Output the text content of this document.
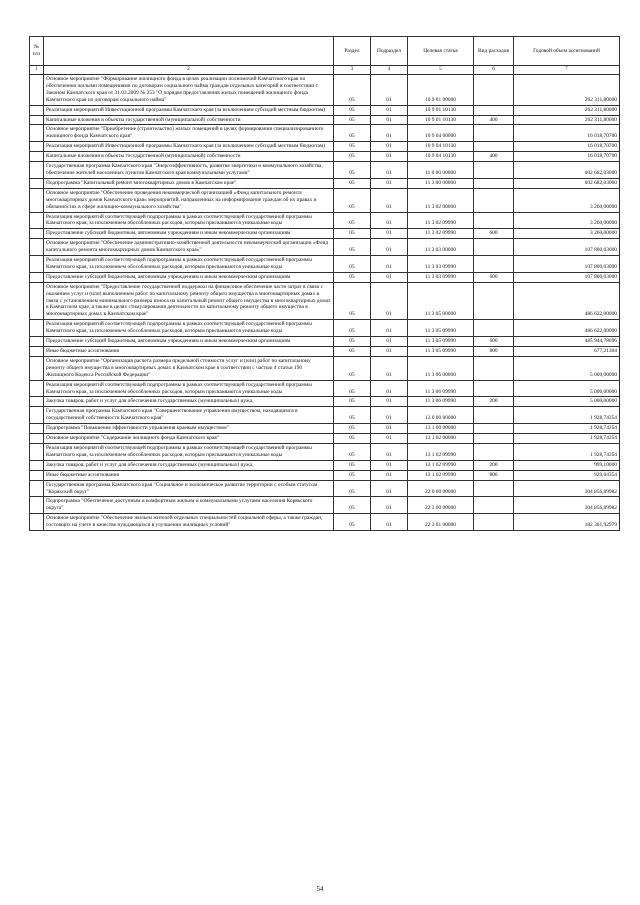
№ п/п		Раздел	Подраздел	Целевая статья	Вид расходов	Годовой объем ассигнований
1	2	3	4	5	6	7
	Основное мероприятие "Формирование жилищного фонда в целях реализации полномочий Камчатского края по обеспечению жилыми помещениями по договорам социального найма граждан отдельных категорий в соответствии с Законом Камчатского края от 31.03.2009 № 253 "О порядке предоставления жилых помещений жилищного фонда Камчатского края по договорам социального найма"	05	01	10 9 01 00000		262 311,80000
	Реализация мероприятий Инвестиционной программы Камчатского края (за исключением субсидий местным бюджетам)	05	01	10 9 01 10130		262 311,80000
	Капитальные вложения в объекты государственной (муниципальной) собственности	05	01	10 9 01 10130	400	262 311,80000
	Основное мероприятие "Приобретение (строительство) жилых помещений в целях формирования специализированного жилищного фонда Камчатского края"	05	01	10 9 04 00000		16 018,70700
	Реализация мероприятий Инвестиционной программы Камчатского края (за исключением субсидий местным бюджетам)	05	01	10 9 04 10130		16 018,70700
	Капитальные вложения в объекты государственной (муниципальной) собственности	05	01	10 9 04 10130	400	16 018,70700
	Государственная программа Камчатского края "Энергоэффективность, развитие энергетики и коммунального хозяйства, обеспечение жителей населенных пунктов Камчатского края коммунальными услугами"	05	01	11 0 00 00000		602 682,03000
	Подпрограмма "Капитальный ремонт многоквартирных домов в Камчатском крае"	05	01	11 3 00 00000		602 682,03000
	Основное мероприятие "Обеспечение проведения некоммерческой организацией «Фонд капитального ремонта многоквартирных домов Камчатского края» мероприятий, направленных на информирование граждан об их правах и обязанностях в сфере жилищно-коммунального хозяйства"	05	01	11 3 02 00000		3 260,00000
	Реализация мероприятий соответствующей подпрограммы в рамках соответствующей государственной программы Камчатского края, за исключением обособленных расходов, которым присваиваются уникальные коды	05	01	11 3 02 09990		3 260,00000
	Предоставление субсидий бюджетным, автономным учреждениям и иным некоммерческим организациям	05	01	11 3 02 09990	600	3 260,00000
	Основное мероприятие "Обеспечение административно-хозяйственной деятельности некоммерческой организации «Фонд капитального ремонта многоквартирных домов Камчатского края»"	05	01	11 3 03 00000		107 800,03000
	Реализация мероприятий соответствующей подпрограммы в рамках соответствующей государственной программы Камчатского края, за исключением обособленных расходов, которым присваиваются уникальные коды	05	01	11 3 03 09990		107 800,03000
	Предоставление субсидий бюджетным, автономным учреждениям и иным некоммерческим организациям	05	01	11 3 03 09990	600	107 800,03000
	Основное мероприятие "Предоставление государственной поддержки на финансовое обеспечение части затрат в связи с оказанием услуг и (или) выполнением работ по капитальному ремонту общего имущества в многоквартирных домах в связи с установлением минимального размера взноса на капитальный ремонт общего имущества в многоквартирных домах в Камчатском крае, а также в целях стимулирования деятельности по капитальному ремонту общего имущества в многоквартирных домах в Камчатском крае"	05	01	11 3 05 00000		486 622,00000
	Реализация мероприятий соответствующей подпрограммы в рамках соответствующей государственной программы Камчатского края, за исключением обособленных расходов, которым присваиваются уникальные коды	05	01	11 3 05 09990		486 622,00000
	Предоставление субсидий бюджетным, автономным учреждениям и иным некоммерческим организациям	05	01	11 3 05 09990	600	485 944,78696
	Иные бюджетные ассигнования	05	01	11 3 05 09990	800	677,21304
	Основное мероприятие "Организация расчета размера предельной стоимости услуг и (или) работ по капитальному ремонту общего имущества в многоквартирных домах в Камчатском крае в соответствии с частью 4 статьи 190 Жилищного Кодекса Российской Федерации"	05	01	11 3 06 00000		5 000,00000
	Реализация мероприятий соответствующей подпрограммы в рамках соответствующей государственной программы Камчатского края, за исключением обособленных расходов, которым присваиваются уникальные коды	05	01	11 3 06 09990		5 000,00000
	Закупка товаров, работ и услуг для обеспечения государственных (муниципальных) нужд	05	01	11 3 06 09990	200	5 000,00000
	Государственная программа Камчатского края "Совершенствование управления имуществом, находящимся в государственной собственности Камчатского края"	05	01	13 0 00 00000		1 928,74354
	Подпрограмма "Повышение эффективности управления краевым имуществом"	05	01	13 1 00 00000		1 928,74354
	Основное мероприятие "Содержание жилищного фонда Камчатского края"	05	01	13 1 02 00000		1 928,74354
	Реализация мероприятий соответствующей подпрограммы в рамках соответствующей государственной программы Камчатского края, за исключением обособленных расходов, которым присваиваются уникальные коды	05	01	13 1 02 09990		1 928,74354
	Закупка товаров, работ и услуг для обеспечения государственных (муниципальных) нужд	05	01	13 1 02 09990	200	999,10000
	Иные бюджетные ассигнования	05	01	13 1 02 09990	800	929,64354
	Государственная программа Камчатского края "Социальное и экономическое развитие территории с особым статусом "Корякский округ"	05	01	22 0 00 00000		304 856,89982
	Подпрограмма "Обеспечение доступным и комфортным жильем и коммунальными услугами населения Корякского округа"	05	01	22 3 00 00000		304 856,89982
	Основное мероприятие "Обеспечение жильем жителей отдельных специальностей социальной сферы, а также граждан, состоящих на учете в качестве нуждающихся в улучшении жилищных условий"	05	01	22 3 01 00000		182 361,92979
54
